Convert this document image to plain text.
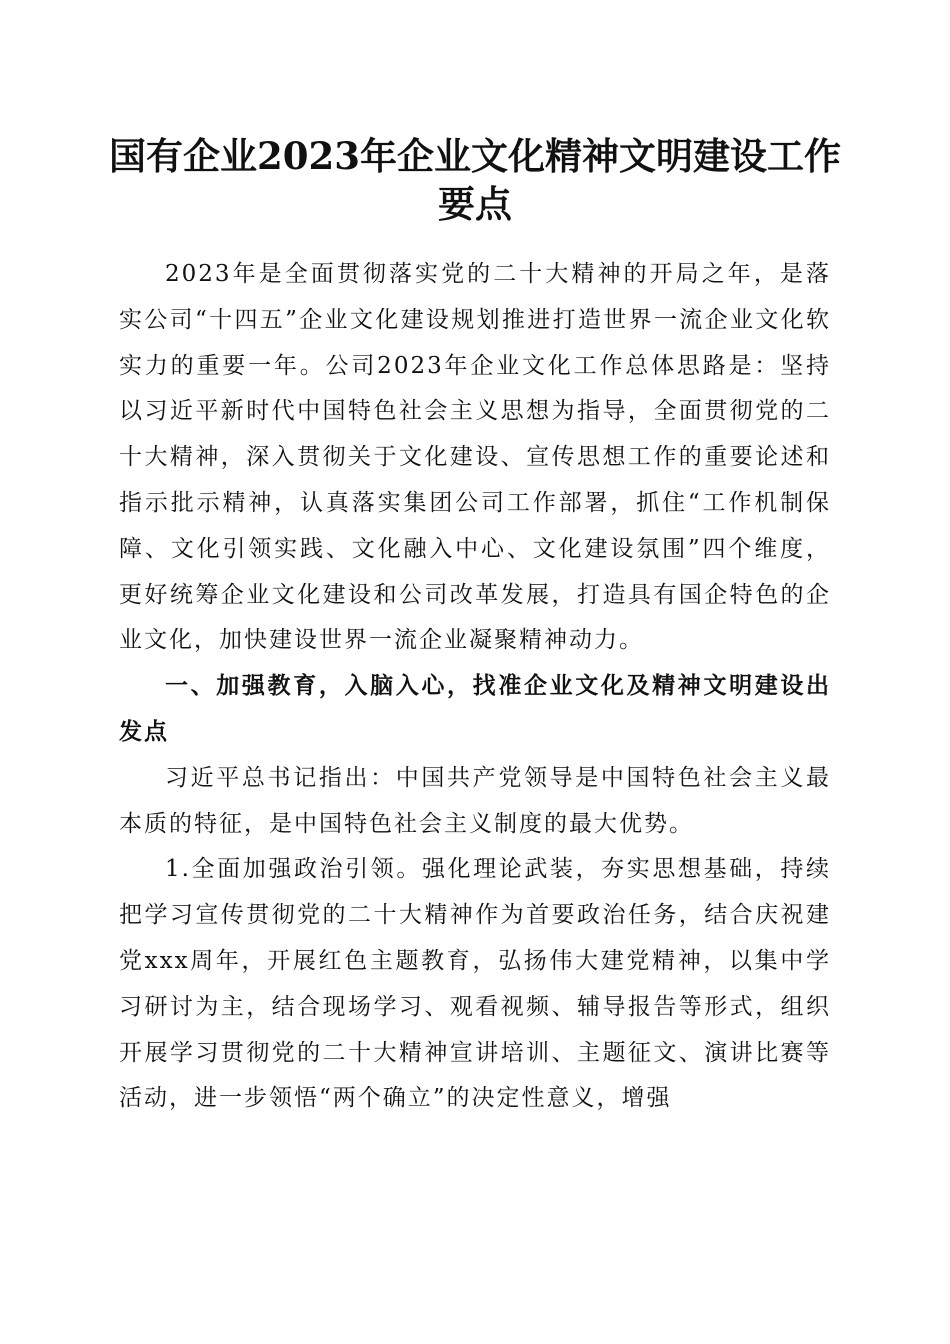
国有企业2023年企业文化精神文明建设工作
要点

2023年是全面贯彻落实党的二十大精神的开局之年，是落实公司“十四五”企业文化建设规划推进打造世界一流企业文化软实力的重要一年。公司2023年企业文化工作总体思路是：坚持以习近平新时代中国特色社会主义思想为指导，全面贯彻党的二十大精神，深入贯彻关于文化建设、宣传思想工作的重要论述和指示批示精神，认真落实集团公司工作部署，抓住“工作机制保障、文化引领实践、文化融入中心、文化建设氛围”四个维度，更好统筹企业文化建设和公司改革发展，打造具有国企特色的企业文化，加快建设世界一流企业凝聚精神动力。

一、加强教育，入脑入心，找准企业文化及精神文明建设出发点

习近平总书记指出：中国共产党领导是中国特色社会主义最本质的特征，是中国特色社会主义制度的最大优势。

1.全面加强政治引领。强化理论武装，夯实思想基础，持续把学习宣传贯彻党的二十大精神作为首要政治任务，结合庆祝建党xxx周年，开展红色主题教育，弘扬伟大建党精神，以集中学习研讨为主，结合现场学习、观看视频、辅导报告等形式，组织开展学习贯彻党的二十大精神宣讲培训、主题征文、演讲比赛等活动，进一步领悟“两个确立”的决定性意义，增强
